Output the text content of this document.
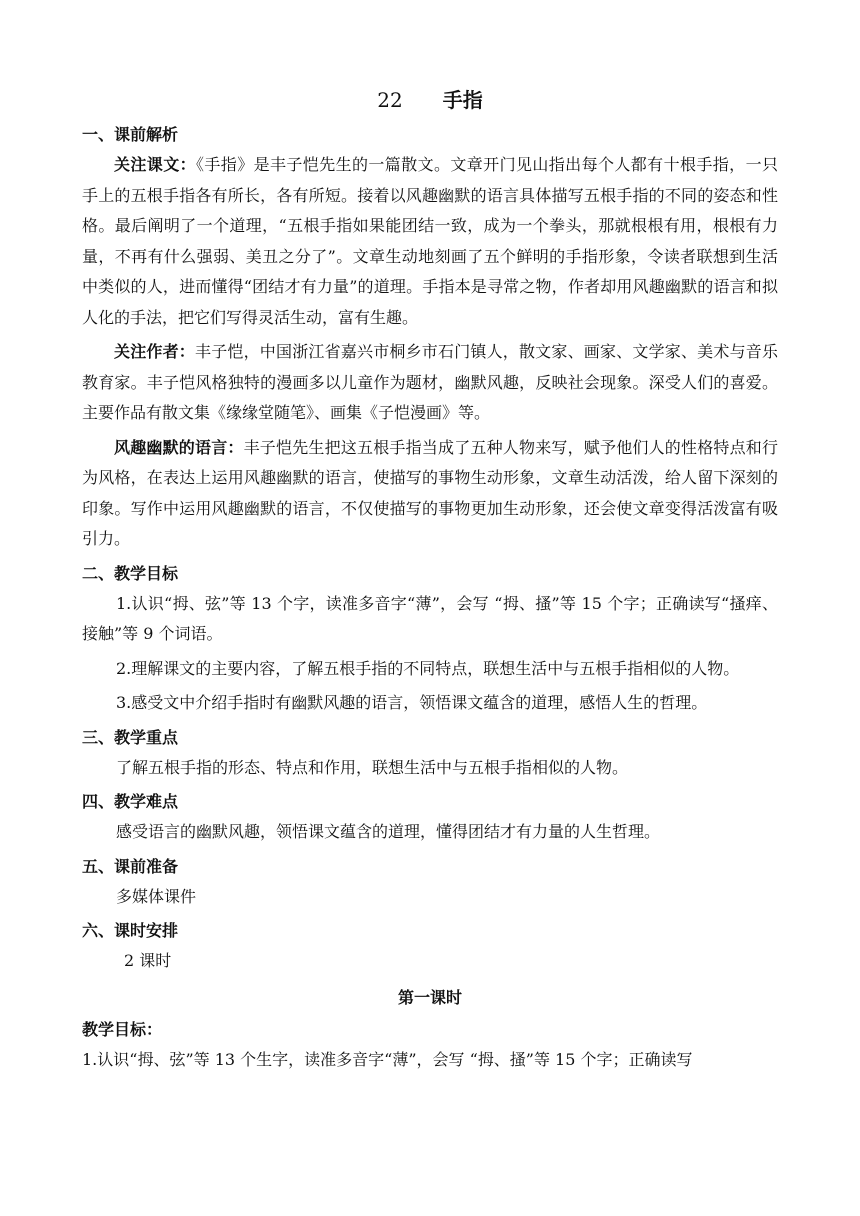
22 手指
一、课前解析

关注课文：《手指》是丰子恺先生的一篇散文。文章开门见山指出每个人都有十根手指，一只手上的五根手指各有所长，各有所短。接着以风趣幽默的语言具体描写五根手指的不同的姿态和性格。最后阐明了一个道理，“五根手指如果能团结一致，成为一个拳头，那就根根有用，根根有力量，不再有什么强弱、美丑之分了”。文章生动地刻画了五个鲜明的手指形象，令读者联想到生活中类似的人，进而懂得“团结才有力量”的道理。手指本是寻常之物，作者却用风趣幽默的语言和拟人化的手法，把它们写得灵活生动，富有生趣。

关注作者：丰子恺，中国浙江省嘉兴市桐乡市石门镇人，散文家、画家、文学家、美术与音乐教育家。丰子恺风格独特的漫画多以儿童作为题材，幽默风趣，反映社会现象。深受人们的喜爱。主要作品有散文集《缘缘堂随笔》、画集《子恺漫画》等。

风趣幽默的语言：丰子恺先生把这五根手指当成了五种人物来写，赋予他们人的性格特点和行为风格，在表达上运用风趣幽默的语言，使描写的事物生动形象，文章生动活泼，给人留下深刻的印象。写作中运用风趣幽默的语言，不仅使描写的事物更加生动形象，还会使文章变得活泼富有吸引力。

二、教学目标

1.认识“拇、弦”等 13 个字，读准多音字“薄”，会写 “拇、搔”等 15 个字；正确读写“搔痒、接触”等 9 个词语。

2.理解课文的主要内容，了解五根手指的不同特点，联想生活中与五根手指相似的人物。

3.感受文中介绍手指时有幽默风趣的语言，领悟课文蕴含的道理，感悟人生的哲理。

三、教学重点

了解五根手指的形态、特点和作用，联想生活中与五根手指相似的人物。

四、教学难点

感受语言的幽默风趣，领悟课文蕴含的道理，懂得团结才有力量的人生哲理。

五、课前准备

多媒体课件

六、课时安排

2 课时

第一课时
教学目标：

1.认识“拇、弦”等 13 个生字，读准多音字“薄”，会写 “拇、搔”等 15 个字；正确读写
